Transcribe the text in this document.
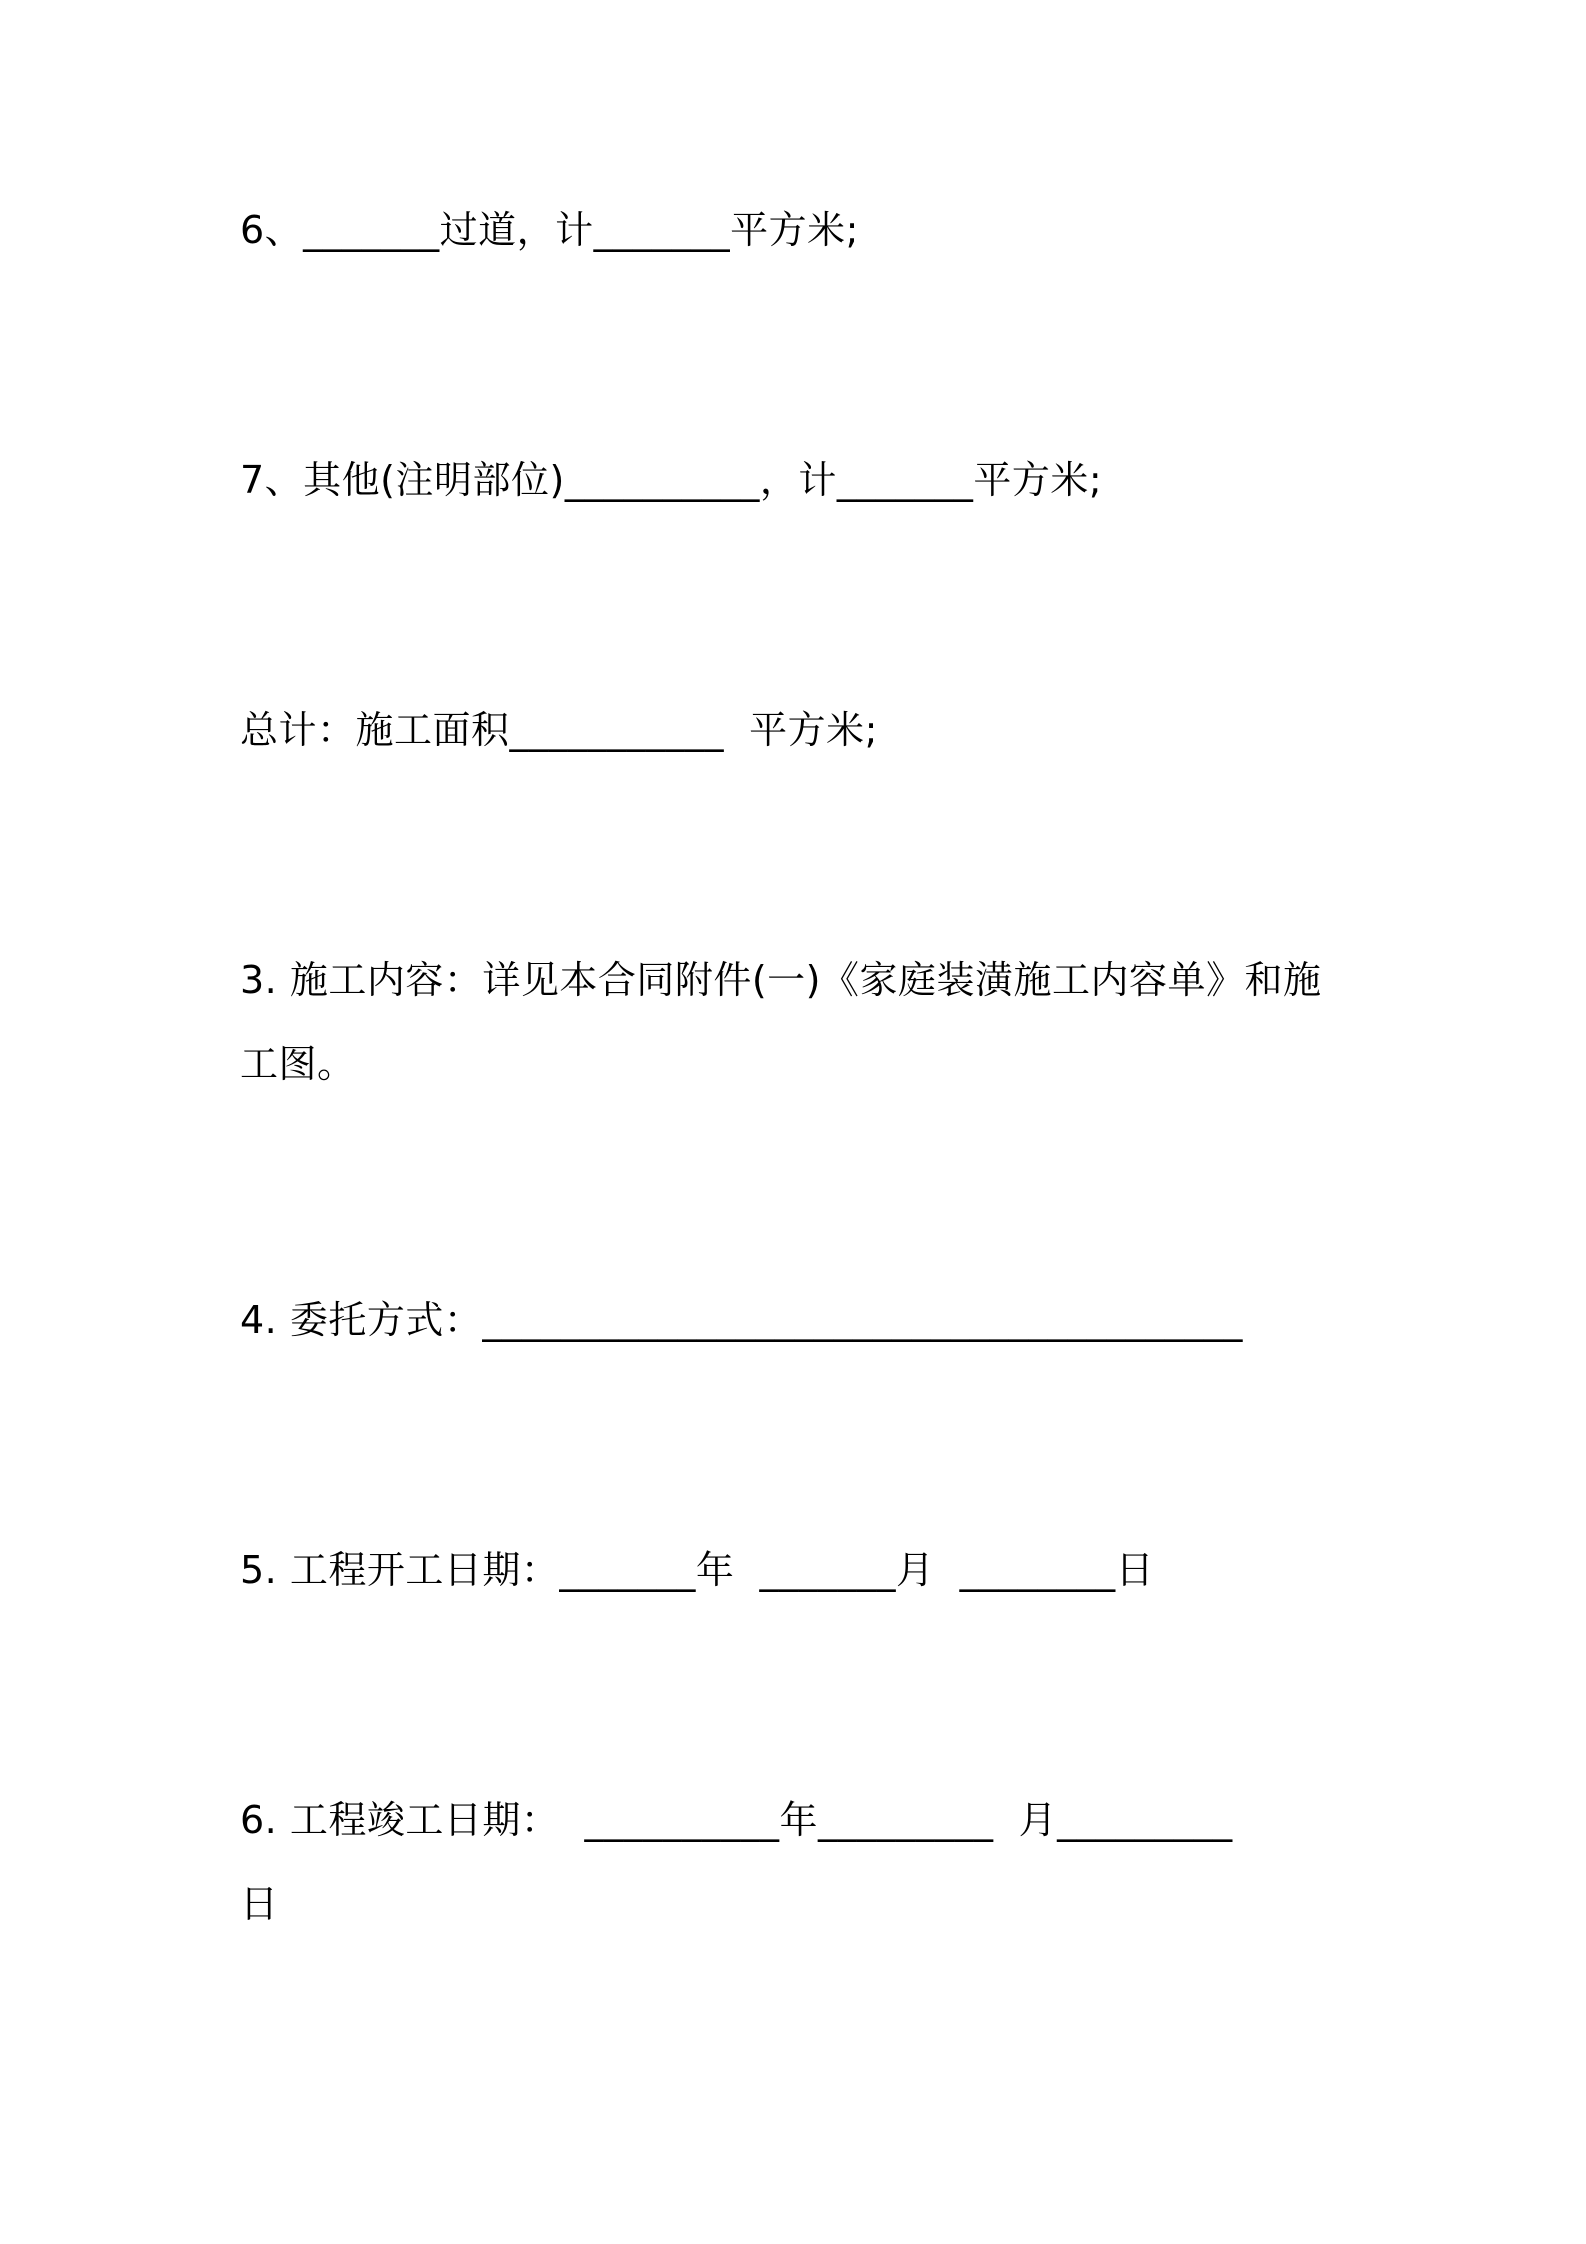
6、_______过道，计_______平方米;

7、其他(注明部位)__________，计_______平方米;

总计：施工面积___________  平方米;

3. 施工内容：详见本合同附件(一)《家庭装潢施工内容单》和施

工图。

4. 委托方式：_______________________________________

5. 工程开工日期：_______年  _______月  ________日

6. 工程竣工日期：  __________年_________  月_________

日
